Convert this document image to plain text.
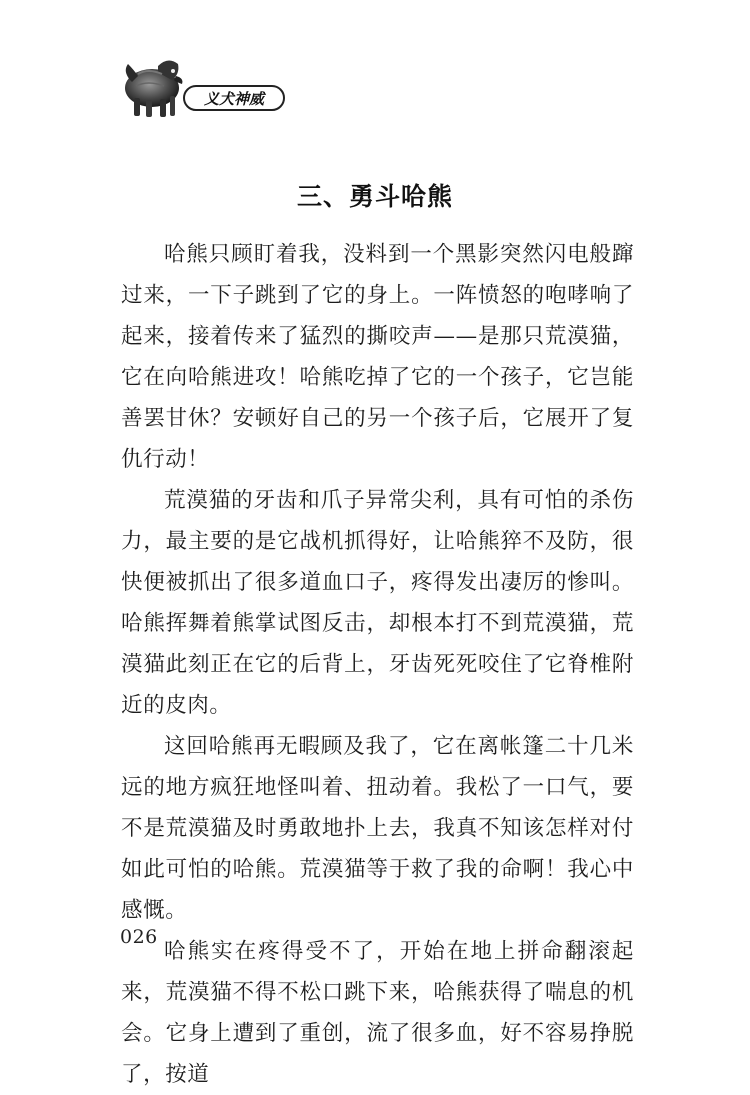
义犬神威
三、勇斗哈熊

哈熊只顾盯着我，没料到一个黑影突然闪电般蹿过来，一下子跳到了它的身上。一阵愤怒的咆哮响了起来，接着传来了猛烈的撕咬声——是那只荒漠猫，它在向哈熊进攻！哈熊吃掉了它的一个孩子，它岂能善罢甘休？安顿好自己的另一个孩子后，它展开了复仇行动！

荒漠猫的牙齿和爪子异常尖利，具有可怕的杀伤力，最主要的是它战机抓得好，让哈熊猝不及防，很快便被抓出了很多道血口子，疼得发出凄厉的惨叫。哈熊挥舞着熊掌试图反击，却根本打不到荒漠猫，荒漠猫此刻正在它的后背上，牙齿死死咬住了它脊椎附近的皮肉。

这回哈熊再无暇顾及我了，它在离帐篷二十几米远的地方疯狂地怪叫着、扭动着。我松了一口气，要不是荒漠猫及时勇敢地扑上去，我真不知该怎样对付如此可怕的哈熊。荒漠猫等于救了我的命啊！我心中感慨。

哈熊实在疼得受不了，开始在地上拼命翻滚起来，荒漠猫不得不松口跳下来，哈熊获得了喘息的机会。它身上遭到了重创，流了很多血，好不容易挣脱了，按道

026
